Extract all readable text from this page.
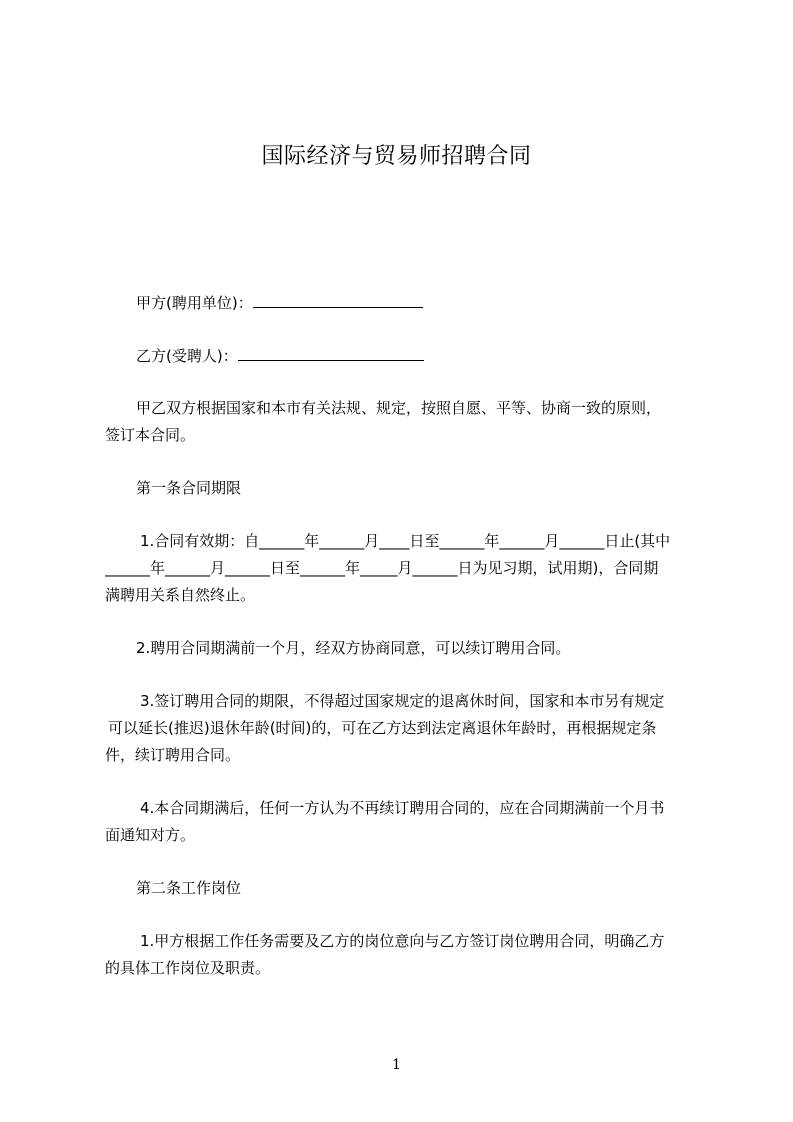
国际经济与贸易师招聘合同
甲方(聘用单位)：
乙方(受聘人)：
甲乙双方根据国家和本市有关法规、规定，按照自愿、平等、协商一致的原则，
签订本合同。
第一条合同期限
1.合同有效期：自______年______月____日至______年______月______日止(其中
______年______月______日至______年_____月______日为见习期，试用期)，合同期
满聘用关系自然终止。
2.聘用合同期满前一个月，经双方协商同意，可以续订聘用合同。
3.签订聘用合同的期限，不得超过国家规定的退离休时间，国家和本市另有规定
可以延长(推迟)退休年龄(时间)的，可在乙方达到法定离退休年龄时，再根据规定条
件，续订聘用合同。
4.本合同期满后，任何一方认为不再续订聘用合同的，应在合同期满前一个月书
面通知对方。
第二条工作岗位
1.甲方根据工作任务需要及乙方的岗位意向与乙方签订岗位聘用合同，明确乙方
的具体工作岗位及职责。
1
